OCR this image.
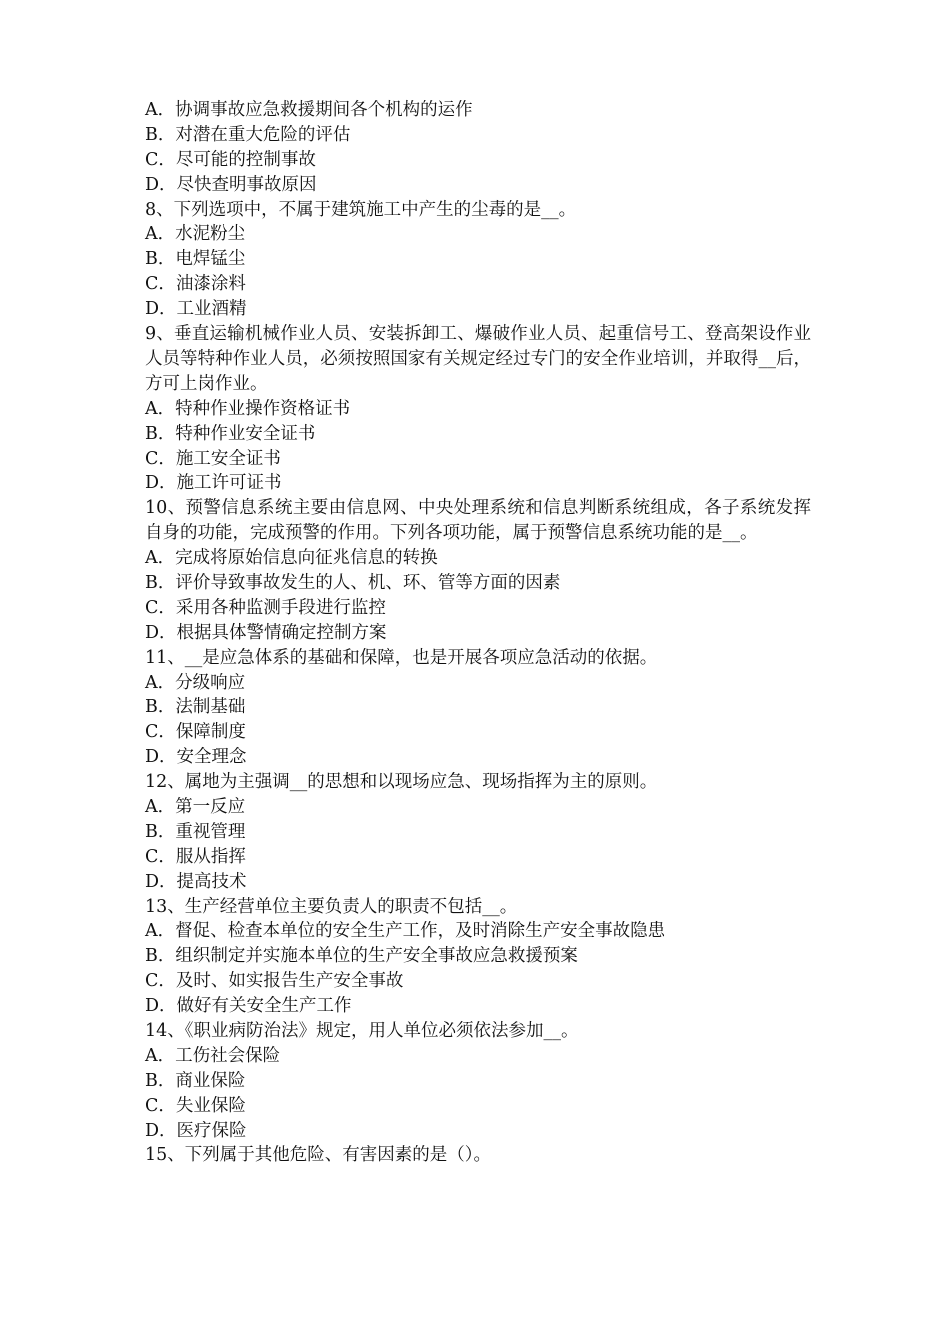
A．协调事故应急救援期间各个机构的运作
B．对潜在重大危险的评估
C．尽可能的控制事故
D．尽快查明事故原因
8、下列选项中，不属于建筑施工中产生的尘毒的是__。
A．水泥粉尘
B．电焊锰尘
C．油漆涂料
D．工业酒精
9、垂直运输机械作业人员、安装拆卸工、爆破作业人员、起重信号工、登高架设作业人员等特种作业人员，必须按照国家有关规定经过专门的安全作业培训，并取得__后，方可上岗作业。
A．特种作业操作资格证书
B．特种作业安全证书
C．施工安全证书
D．施工许可证书
10、预警信息系统主要由信息网、中央处理系统和信息判断系统组成，各子系统发挥自身的功能，完成预警的作用。下列各项功能，属于预警信息系统功能的是__。
A．完成将原始信息向征兆信息的转换
B．评价导致事故发生的人、机、环、管等方面的因素
C．采用各种监测手段进行监控
D．根据具体警情确定控制方案
11、__是应急体系的基础和保障，也是开展各项应急活动的依据。
A．分级响应
B．法制基础
C．保障制度
D．安全理念
12、属地为主强调__的思想和以现场应急、现场指挥为主的原则。
A．第一反应
B．重视管理
C．服从指挥
D．提高技术
13、生产经营单位主要负责人的职责不包括__。
A．督促、检查本单位的安全生产工作，及时消除生产安全事故隐患
B．组织制定并实施本单位的生产安全事故应急救援预案
C．及时、如实报告生产安全事故
D．做好有关安全生产工作
14、《职业病防治法》规定，用人单位必须依法参加__。
A．工伤社会保险
B．商业保险
C．失业保险
D．医疗保险
15、下列属于其他危险、有害因素的是（）。
